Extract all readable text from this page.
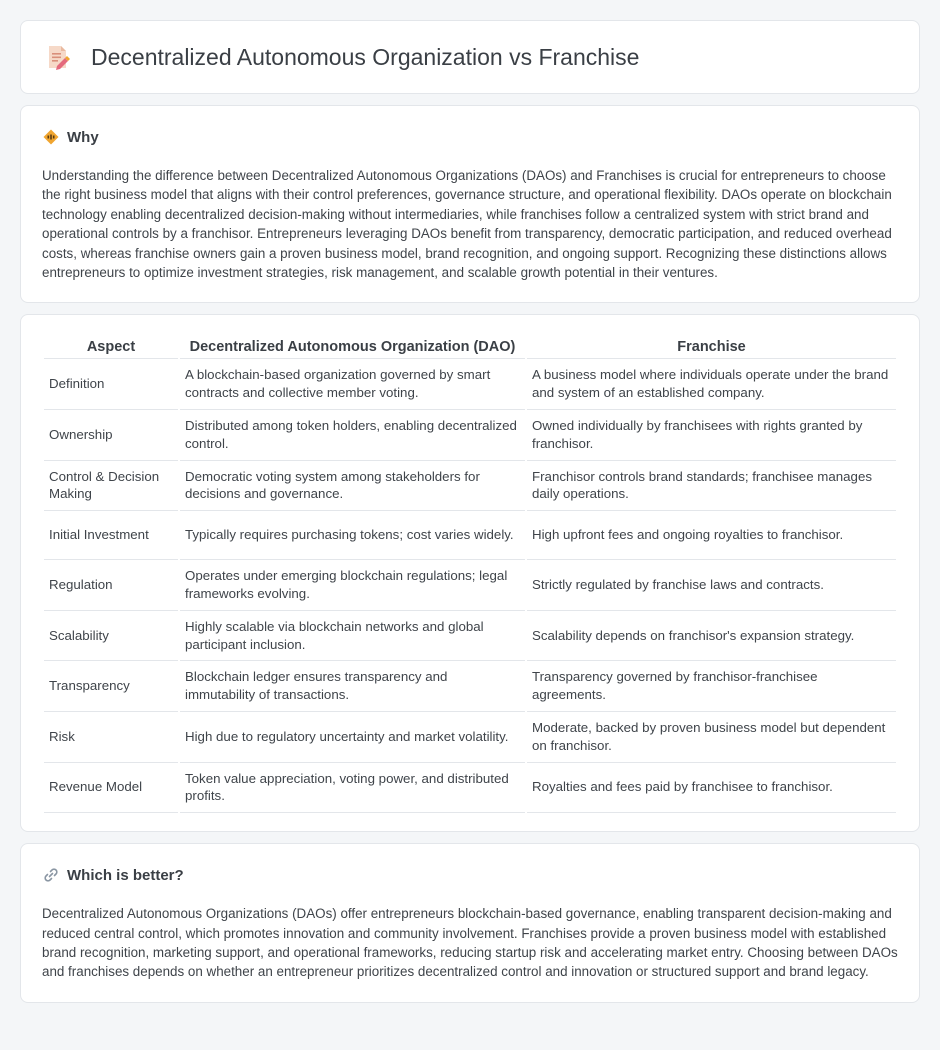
Decentralized Autonomous Organization vs Franchise
Why

Understanding the difference between Decentralized Autonomous Organizations (DAOs) and Franchises is crucial for entrepreneurs to choose the right business model that aligns with their control preferences, governance structure, and operational flexibility. DAOs operate on blockchain technology enabling decentralized decision-making without intermediaries, while franchises follow a centralized system with strict brand and operational controls by a franchisor. Entrepreneurs leveraging DAOs benefit from transparency, democratic participation, and reduced overhead costs, whereas franchise owners gain a proven business model, brand recognition, and ongoing support. Recognizing these distinctions allows entrepreneurs to optimize investment strategies, risk management, and scalable growth potential in their ventures.

Aspect	Decentralized Autonomous Organization (DAO)	Franchise
Definition	A blockchain-based organization governed by smart contracts and collective member voting.	A business model where individuals operate under the brand and system of an established company.
Ownership	Distributed among token holders, enabling decentralized control.	Owned individually by franchisees with rights granted by franchisor.
Control & Decision Making	Democratic voting system among stakeholders for decisions and governance.	Franchisor controls brand standards; franchisee manages daily operations.
Initial Investment	Typically requires purchasing tokens; cost varies widely.	High upfront fees and ongoing royalties to franchisor.
Regulation	Operates under emerging blockchain regulations; legal frameworks evolving.	Strictly regulated by franchise laws and contracts.
Scalability	Highly scalable via blockchain networks and global participant inclusion.	Scalability depends on franchisor's expansion strategy.
Transparency	Blockchain ledger ensures transparency and immutability of transactions.	Transparency governed by franchisor-franchisee agreements.
Risk	High due to regulatory uncertainty and market volatility.	Moderate, backed by proven business model but dependent on franchisor.
Revenue Model	Token value appreciation, voting power, and distributed profits.	Royalties and fees paid by franchisee to franchisor.
Which is better?

Decentralized Autonomous Organizations (DAOs) offer entrepreneurs blockchain-based governance, enabling transparent decision-making and reduced central control, which promotes innovation and community involvement. Franchises provide a proven business model with established brand recognition, marketing support, and operational frameworks, reducing startup risk and accelerating market entry. Choosing between DAOs and franchises depends on whether an entrepreneur prioritizes decentralized control and innovation or structured support and brand legacy.
